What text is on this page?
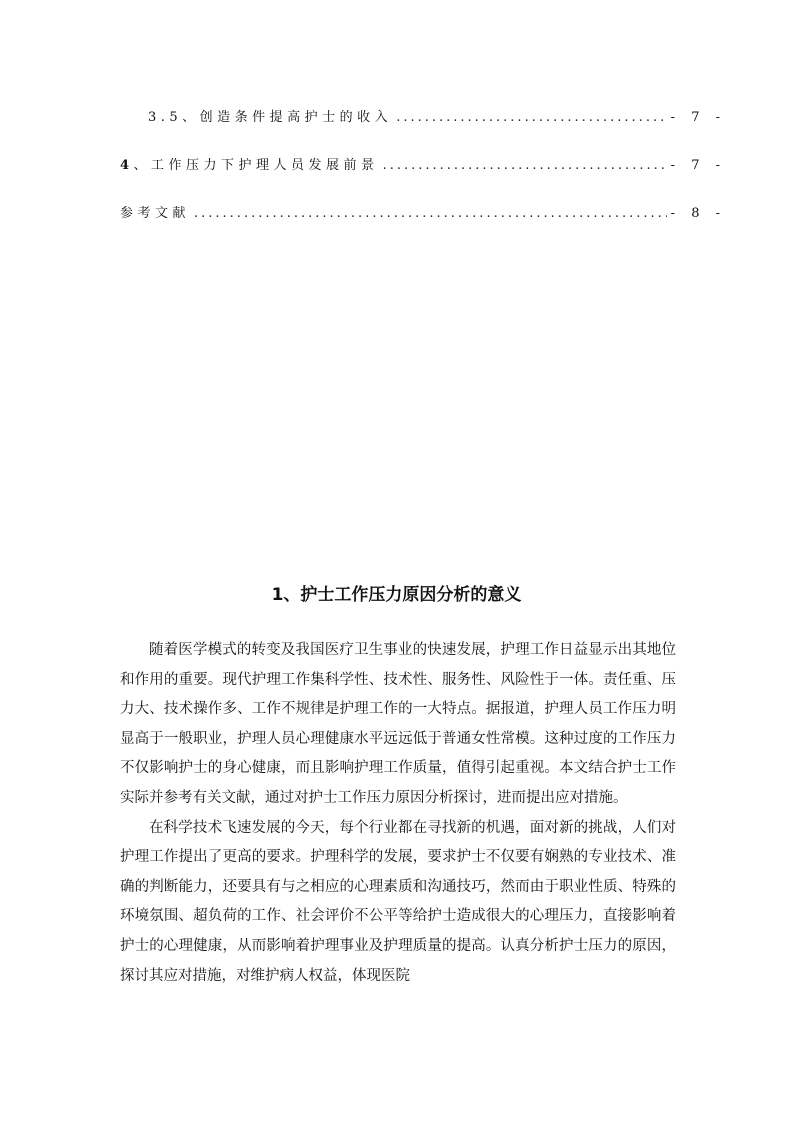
3.5、创造条件提高护士的收入 .....	- 7 -
4、工作压力下护理人员发展前景 .....	- 7 -
参考文献 .....	- 8 -
1、护士工作压力原因分析的意义

随着医学模式的转变及我国医疗卫生事业的快速发展，护理工作日益显示出其地位和作用的重要。现代护理工作集科学性、技术性、服务性、风险性于一体。责任重、压力大、技术操作多、工作不规律是护理工作的一大特点。据报道，护理人员工作压力明显高于一般职业，护理人员心理健康水平远远低于普通女性常模。这种过度的工作压力不仅影响护士的身心健康，而且影响护理工作质量，值得引起重视。本文结合护士工作实际并参考有关文献，通过对护士工作压力原因分析探讨，进而提出应对措施。

在科学技术飞速发展的今天，每个行业都在寻找新的机遇，面对新的挑战，人们对护理工作提出了更高的要求。护理科学的发展，要求护士不仅要有娴熟的专业技术、准确的判断能力，还要具有与之相应的心理素质和沟通技巧，然而由于职业性质、特殊的环境氛围、超负荷的工作、社会评价不公平等给护士造成很大的心理压力，直接影响着护士的心理健康，从而影响着护理事业及护理质量的提高。认真分析护士压力的原因，探讨其应对措施，对维护病人权益，体现医院
